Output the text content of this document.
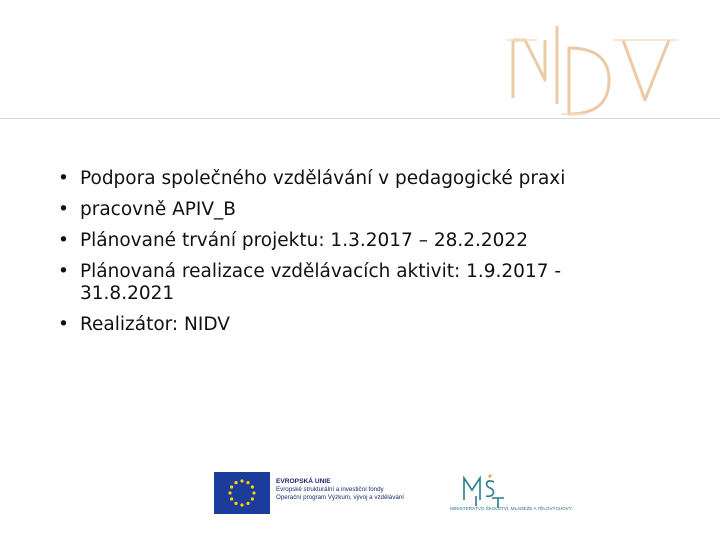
• Podpora společného vzdělávání v pedagogické praxi
• pracovně APIV_B
• Plánované trvání projektu: 1.3.2017 – 28.2.2022
• Plánovaná realizace vzdělávacích aktivit: 1.9.2017 - 31.8.2021
• Realizátor: NIDV
EVROPSKÁ UNIE
Evropské strukturální a investiční fondy
Operační program Výzkum, vývoj a vzdělávání
MINISTERSTVO ŠKOLSTVÍ, MLÁDEŽE A TĚLOVÝCHOVY
